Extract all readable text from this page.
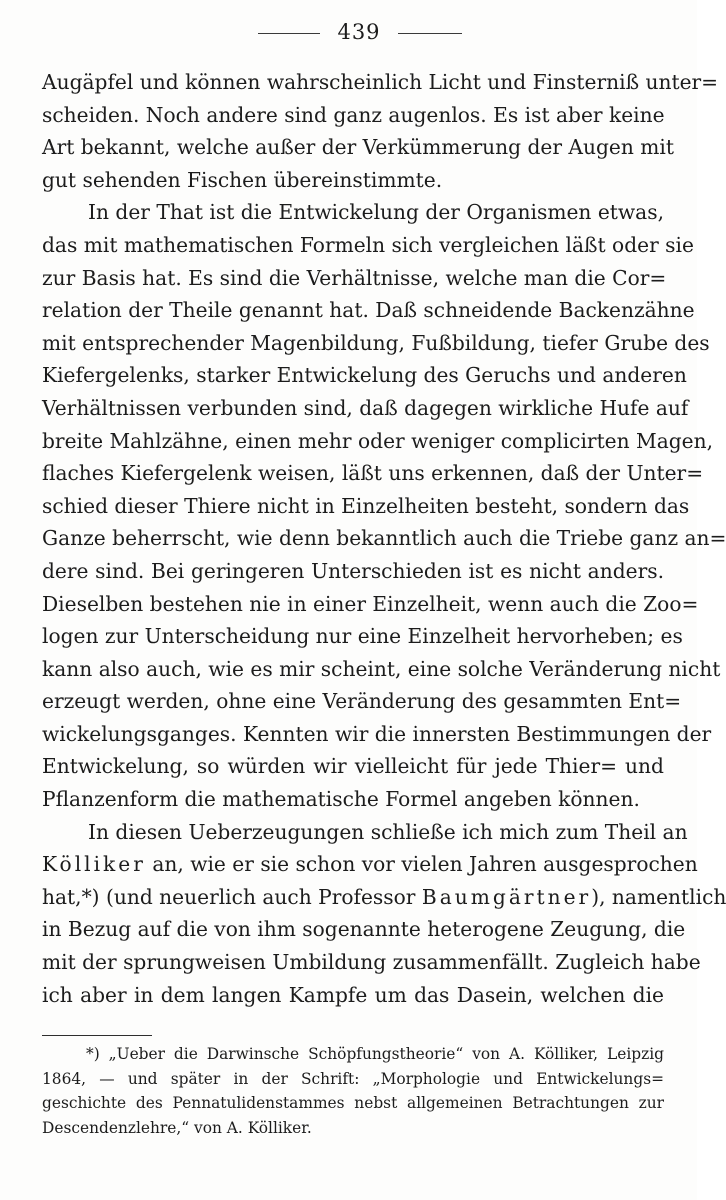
439
Augäpfel und können wahrscheinlich Licht und Finsterniß unter=
scheiden. Noch andere sind ganz augenlos. Es ist aber keine
Art bekannt, welche außer der Verkümmerung der Augen mit
gut sehenden Fischen übereinstimmte.
In der That ist die Entwickelung der Organismen etwas,
das mit mathematischen Formeln sich vergleichen läßt oder sie
zur Basis hat. Es sind die Verhältnisse, welche man die Cor=
relation der Theile genannt hat. Daß schneidende Backenzähne
mit entsprechender Magenbildung, Fußbildung, tiefer Grube des
Kiefergelenks, starker Entwickelung des Geruchs und anderen
Verhältnissen verbunden sind, daß dagegen wirkliche Hufe auf
breite Mahlzähne, einen mehr oder weniger complicirten Magen,
flaches Kiefergelenk weisen, läßt uns erkennen, daß der Unter=
schied dieser Thiere nicht in Einzelheiten besteht, sondern das
Ganze beherrscht, wie denn bekanntlich auch die Triebe ganz an=
dere sind. Bei geringeren Unterschieden ist es nicht anders.
Dieselben bestehen nie in einer Einzelheit, wenn auch die Zoo=
logen zur Unterscheidung nur eine Einzelheit hervorheben; es
kann also auch, wie es mir scheint, eine solche Veränderung nicht
erzeugt werden, ohne eine Veränderung des gesammten Ent=
wickelungsganges. Kennten wir die innersten Bestimmungen der
Entwickelung, so würden wir vielleicht für jede Thier= und
Pflanzenform die mathematische Formel angeben können.
In diesen Ueberzeugungen schließe ich mich zum Theil an
Kölliker an, wie er sie schon vor vielen Jahren ausgesprochen
hat,*) (und neuerlich auch Professor Baumgärtner), namentlich
in Bezug auf die von ihm sogenannte heterogene Zeugung, die
mit der sprungweisen Umbildung zusammenfällt. Zugleich habe
ich aber in dem langen Kampfe um das Dasein, welchen die
*) „Ueber die Darwinsche Schöpfungstheorie“ von A. Kölliker, Leipzig
1864, — und später in der Schrift: „Morphologie und Entwickelungs=
geschichte des Pennatulidenstammes nebst allgemeinen Betrachtungen zur
Descendenzlehre,“ von A. Kölliker.
